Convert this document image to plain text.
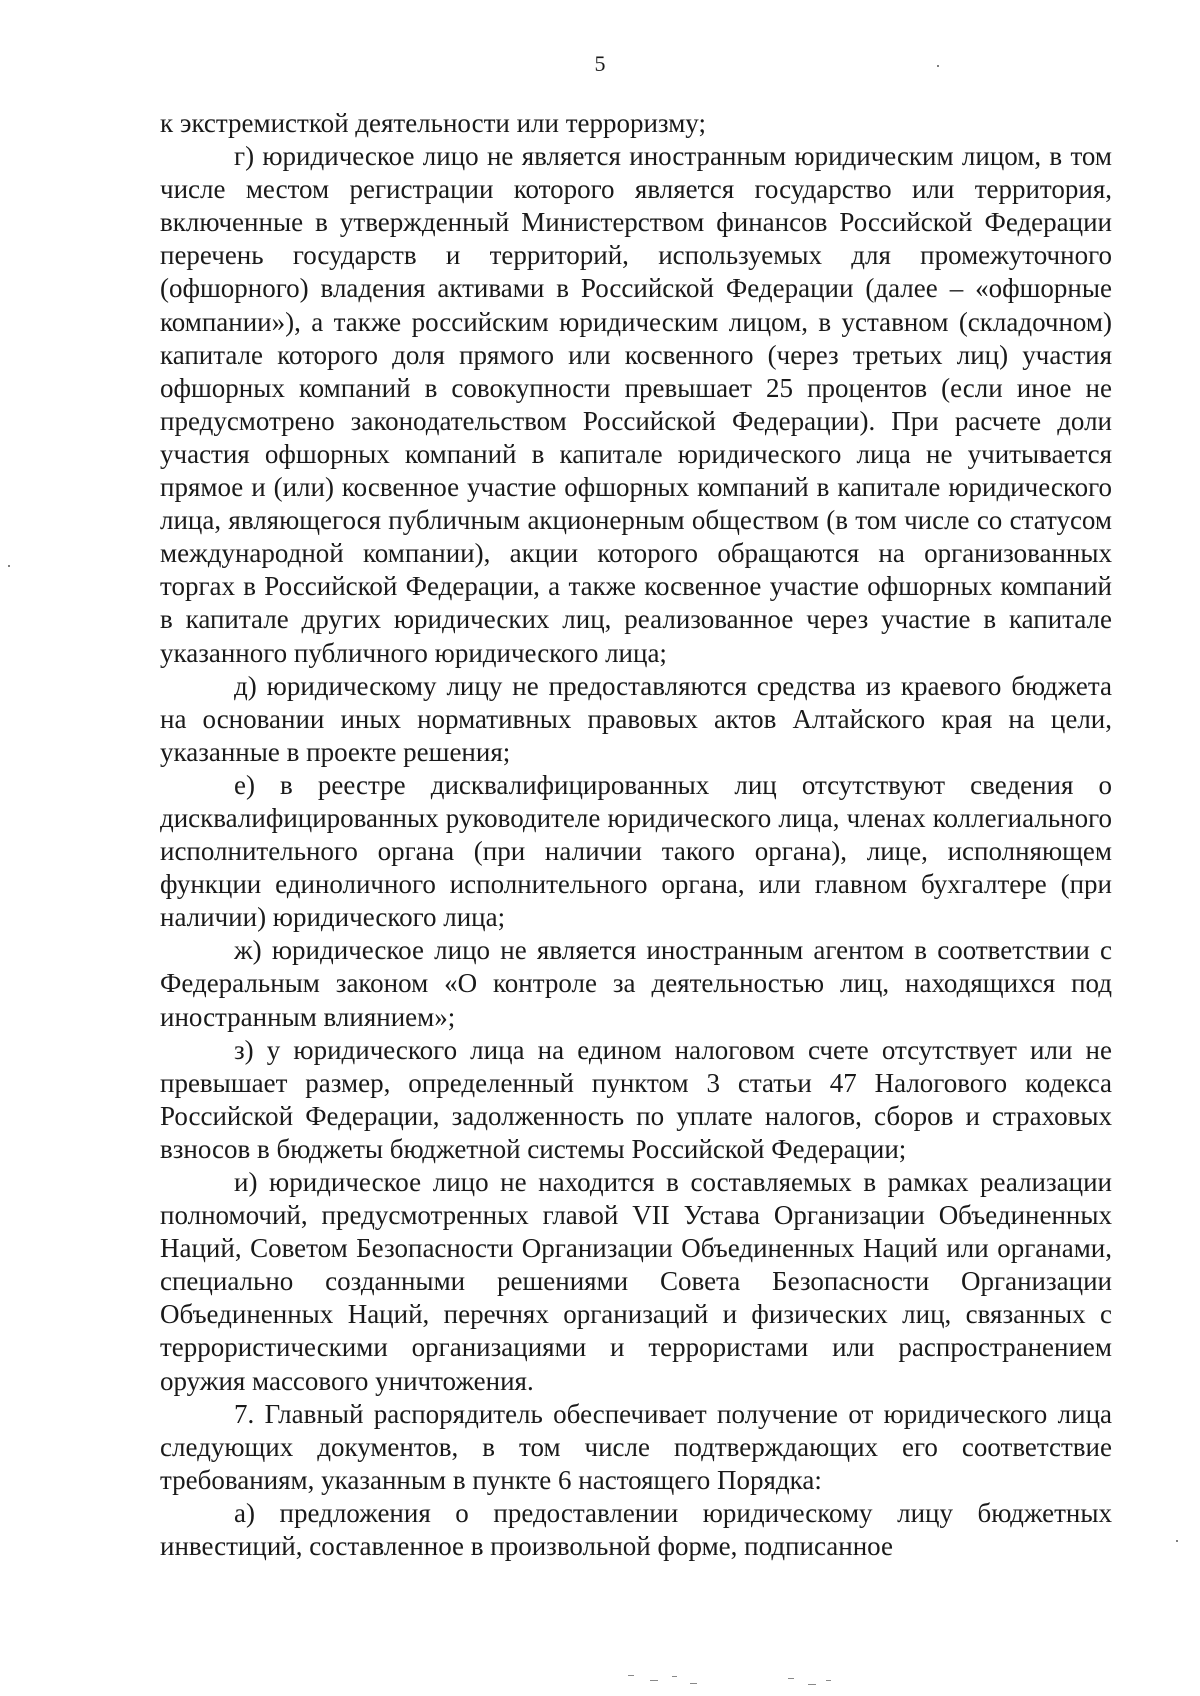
5

к экстремисткой деятельности или терроризму;

г) юридическое лицо не является иностранным юридическим лицом, в том числе местом регистрации которого является государство или территория, включенные в утвержденный Министерством финансов Российской Федерации перечень государств и территорий, используемых для промежуточного (офшорного) владения активами в Российской Федерации (далее – «офшорные компании»), а также российским юридическим лицом, в уставном (складочном) капитале которого доля прямого или косвенного (через третьих лиц) участия офшорных компаний в совокупности превышает 25 процентов (если иное не предусмотрено законодательством Российской Федерации). При расчете доли участия офшорных компаний в капитале юридического лица не учитывается прямое и (или) косвенное участие офшорных компаний в капитале юридического лица, являющегося публичным акционерным обществом (в том числе со статусом международной компании), акции которого обращаются на организованных торгах в Российской Федерации, а также косвенное участие офшорных компаний в капитале других юридических лиц, реализованное через участие в капитале указанного публичного юридического лица;

д) юридическому лицу не предоставляются средства из краевого бюджета на основании иных нормативных правовых актов Алтайского края на цели, указанные в проекте решения;

е) в реестре дисквалифицированных лиц отсутствуют сведения о дисквалифицированных руководителе юридического лица, членах коллегиального исполнительного органа (при наличии такого органа), лице, исполняющем функции единоличного исполнительного органа, или главном бухгалтере (при наличии) юридического лица;

ж) юридическое лицо не является иностранным агентом в соответствии с Федеральным законом «О контроле за деятельностью лиц, находящихся под иностранным влиянием»;

з) у юридического лица на едином налоговом счете отсутствует или не превышает размер, определенный пунктом 3 статьи 47 Налогового кодекса Российской Федерации, задолженность по уплате налогов, сборов и страховых взносов в бюджеты бюджетной системы Российской Федерации;

и) юридическое лицо не находится в составляемых в рамках реализации полномочий, предусмотренных главой VII Устава Организации Объединенных Наций, Советом Безопасности Организации Объединенных Наций или органами, специально созданными решениями Совета Безопасности Организации Объединенных Наций, перечнях организаций и физических лиц, связанных с террористическими организациями и террористами или распространением оружия массового уничтожения.

7. Главный распорядитель обеспечивает получение от юридического лица следующих документов, в том числе подтверждающих его соответствие требованиям, указанным в пункте 6 настоящего Порядка:

а) предложения о предоставлении юридическому лицу бюджетных инвестиций, составленное в произвольной форме, подписанное
